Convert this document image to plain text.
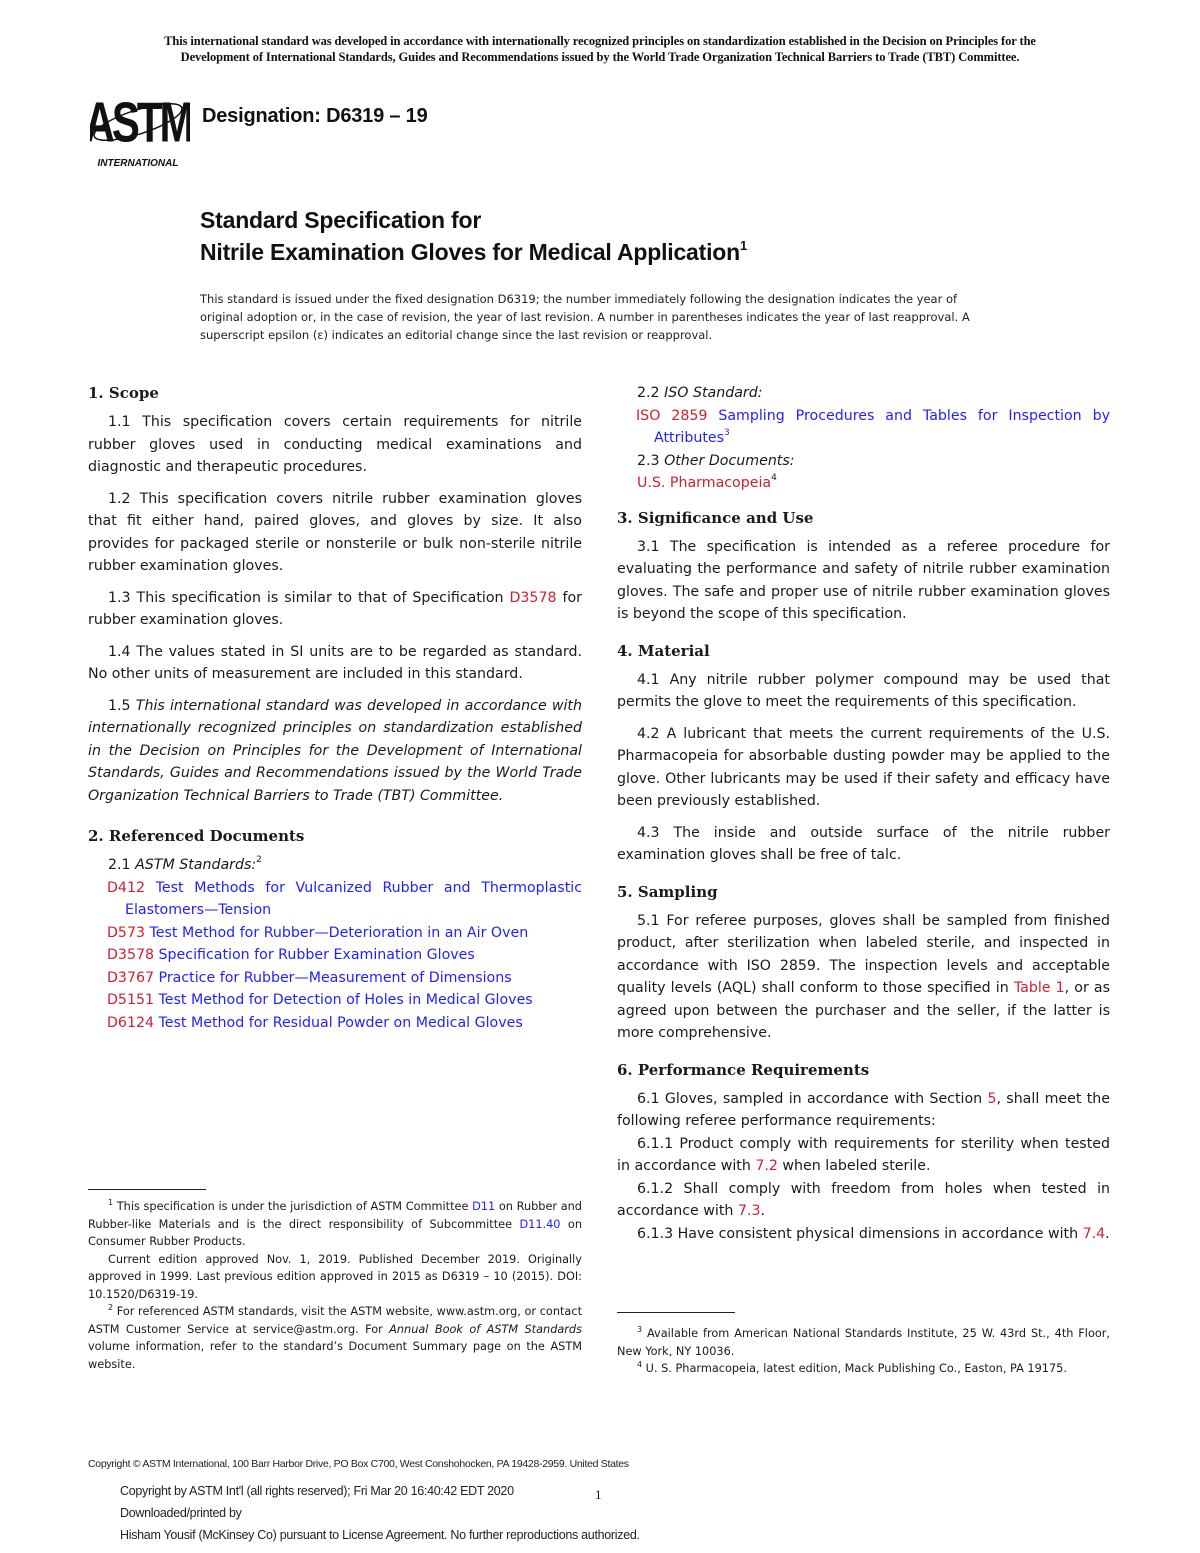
This international standard was developed in accordance with internationally recognized principles on standardization established in the Decision on Principles for the
Development of International Standards, Guides and Recommendations issued by the World Trade Organization Technical Barriers to Trade (TBT) Committee.
ASTM
INTERNATIONAL
Designation: D6319 – 19
Standard Specification for
Nitrile Examination Gloves for Medical Application$^1$
This standard is issued under the fixed designation D6319; the number immediately following the designation indicates the year of original adoption or, in the case of revision, the year of last revision. A number in parentheses indicates the year of last reapproval. A superscript epsilon (ε) indicates an editorial change since the last revision or reapproval.
1. Scope

1.1 This specification covers certain requirements for nitrile rubber gloves used in conducting medical examinations and diagnostic and therapeutic procedures.

1.2 This specification covers nitrile rubber examination gloves that fit either hand, paired gloves, and gloves by size. It also provides for packaged sterile or nonsterile or bulk non-sterile nitrile rubber examination gloves.

1.3 This specification is similar to that of Specification D3578 for rubber examination gloves.

1.4 The values stated in SI units are to be regarded as standard. No other units of measurement are included in this standard.

1.5 This international standard was developed in accordance with internationally recognized principles on standardization established in the Decision on Principles for the Development of International Standards, Guides and Recommendations issued by the World Trade Organization Technical Barriers to Trade (TBT) Committee.

2. Referenced Documents

2.1 ASTM Standards:$^2$

D412 Test Methods for Vulcanized Rubber and Thermoplastic Elastomers—Tension

D573 Test Method for Rubber—Deterioration in an Air Oven

D3578 Specification for Rubber Examination Gloves

D3767 Practice for Rubber—Measurement of Dimensions

D5151 Test Method for Detection of Holes in Medical Gloves

D6124 Test Method for Residual Powder on Medical Gloves

2.2 ISO Standard:

ISO 2859 Sampling Procedures and Tables for Inspection by Attributes$^3$

2.3 Other Documents:

U.S. Pharmacopeia$^4$

3. Significance and Use

3.1 The specification is intended as a referee procedure for evaluating the performance and safety of nitrile rubber examination gloves. The safe and proper use of nitrile rubber examination gloves is beyond the scope of this specification.

4. Material

4.1 Any nitrile rubber polymer compound may be used that permits the glove to meet the requirements of this specification.

4.2 A lubricant that meets the current requirements of the U.S. Pharmacopeia for absorbable dusting powder may be applied to the glove. Other lubricants may be used if their safety and efficacy have been previously established.

4.3 The inside and outside surface of the nitrile rubber examination gloves shall be free of talc.

5. Sampling

5.1 For referee purposes, gloves shall be sampled from finished product, after sterilization when labeled sterile, and inspected in accordance with ISO 2859. The inspection levels and acceptable quality levels (AQL) shall conform to those specified in Table 1, or as agreed upon between the purchaser and the seller, if the latter is more comprehensive.

6. Performance Requirements

6.1 Gloves, sampled in accordance with Section 5, shall meet the following referee performance requirements:

6.1.1 Product comply with requirements for sterility when tested in accordance with 7.2 when labeled sterile.

6.1.2 Shall comply with freedom from holes when tested in accordance with 7.3.

6.1.3 Have consistent physical dimensions in accordance with 7.4.

$^1$ This specification is under the jurisdiction of ASTM Committee D11 on Rubber and Rubber-like Materials and is the direct responsibility of Subcommittee D11.40 on Consumer Rubber Products.

Current edition approved Nov. 1, 2019. Published December 2019. Originally approved in 1999. Last previous edition approved in 2015 as D6319 – 10 (2015). DOI: 10.1520/D6319-19.

$^2$ For referenced ASTM standards, visit the ASTM website, www.astm.org, or contact ASTM Customer Service at service@astm.org. For Annual Book of ASTM Standards volume information, refer to the standard’s Document Summary page on the ASTM website.

$^3$ Available from American National Standards Institute, 25 W. 43rd St., 4th Floor, New York, NY 10036.

$^4$ U. S. Pharmacopeia, latest edition, Mack Publishing Co., Easton, PA 19175.

Copyright © ASTM International, 100 Barr Harbor Drive, PO Box C700, West Conshohocken, PA 19428-2959. United States
Copyright by ASTM Int'l (all rights reserved); Fri Mar 20 16:40:42 EDT 2020
Downloaded/printed by
Hisham Yousif (McKinsey Co) pursuant to License Agreement. No further reproductions authorized.
1
